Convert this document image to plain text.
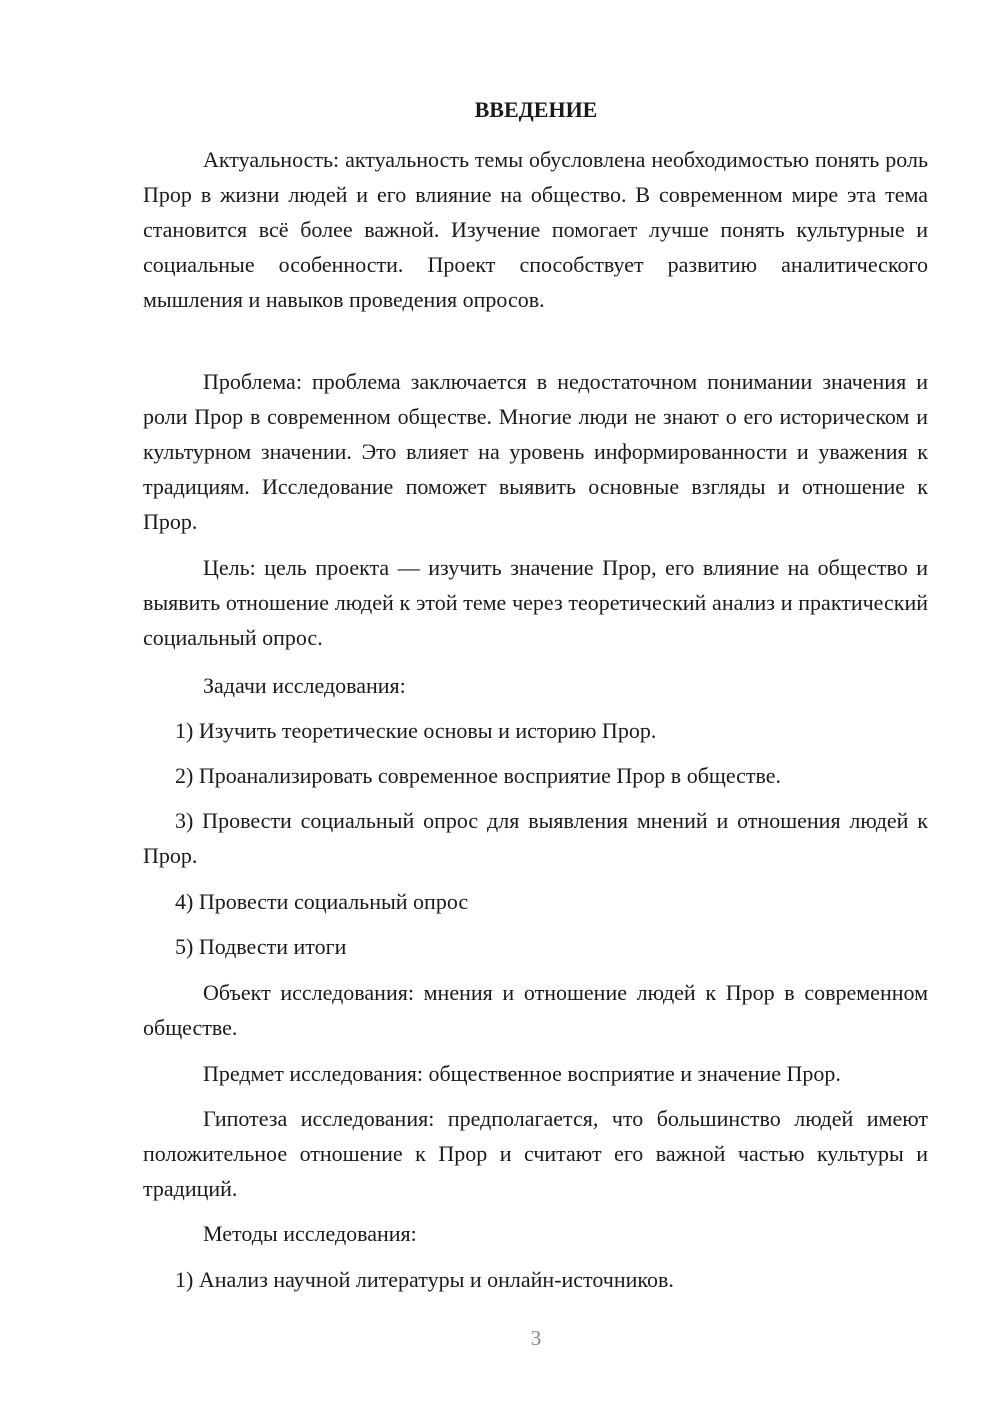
ВВЕДЕНИЕ
Актуальность: актуальность темы обусловлена необходимостью понять роль Прор в жизни людей и его влияние на общество. В современном мире эта тема становится всё более важной. Изучение помогает лучше понять культурные и социальные особенности. Проект способствует развитию аналитического мышления и навыков проведения опросов.
Проблема: проблема заключается в недостаточном понимании значения и роли Прор в современном обществе. Многие люди не знают о его историческом и культурном значении. Это влияет на уровень информированности и уважения к традициям. Исследование поможет выявить основные взгляды и отношение к Прор.
Цель: цель проекта — изучить значение Прор, его влияние на общество и выявить отношение людей к этой теме через теоретический анализ и практический социальный опрос.
Задачи исследования:
1) Изучить теоретические основы и историю Прор.
2) Проанализировать современное восприятие Прор в обществе.
3) Провести социальный опрос для выявления мнений и отношения людей к Прор.
4) Провести социальный опрос
5) Подвести итоги
Объект исследования: мнения и отношение людей к Прор в современном обществе.
Предмет исследования: общественное восприятие и значение Прор.
Гипотеза исследования: предполагается, что большинство людей имеют положительное отношение к Прор и считают его важной частью культуры и традиций.
Методы исследования:
1) Анализ научной литературы и онлайн-источников.
3
